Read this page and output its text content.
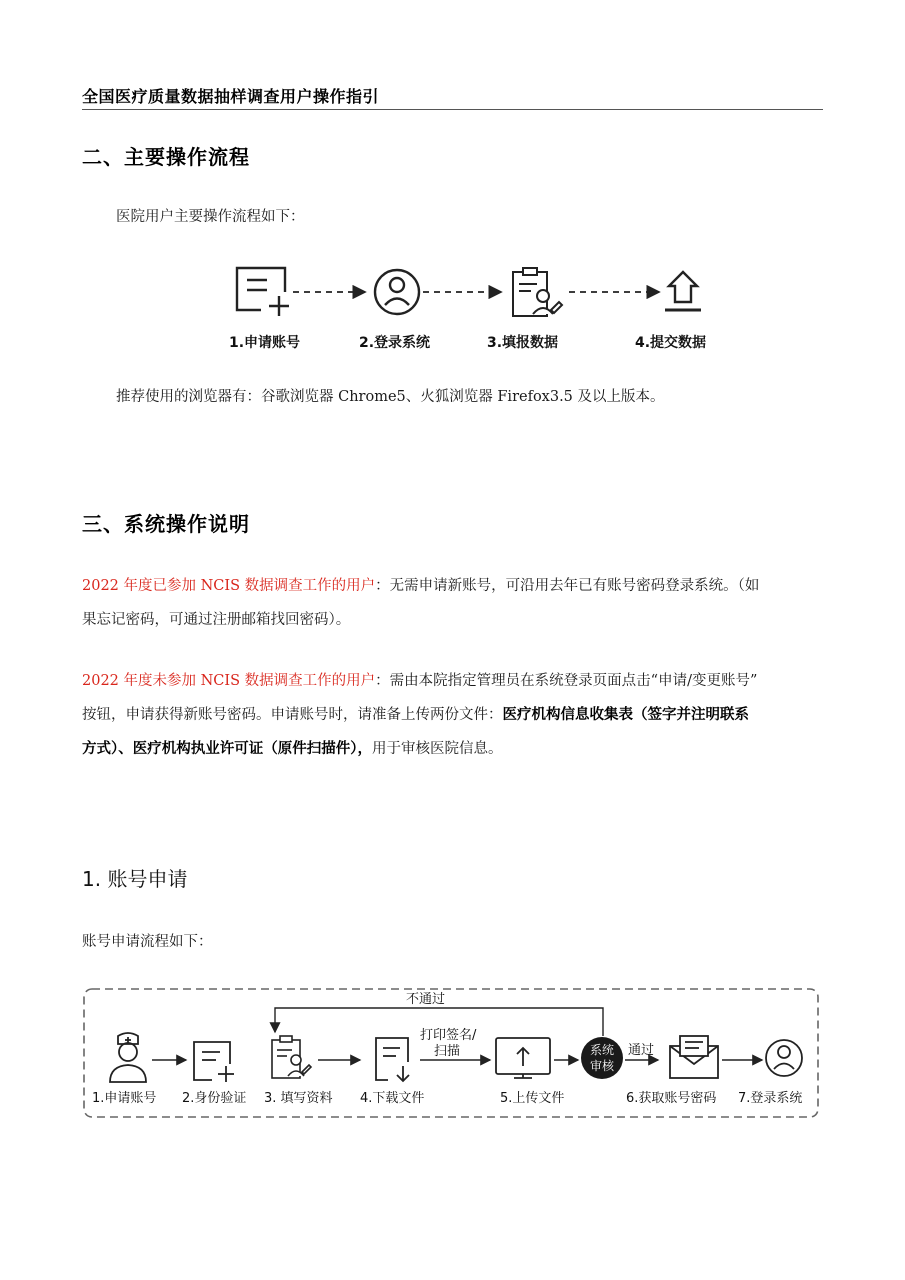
全国医疗质量数据抽样调查用户操作指引
二、主要操作流程
医院用户主要操作流程如下：
1.申请账号	2.登录系统	3.填报数据	4.提交数据
推荐使用的浏览器有：谷歌浏览器 Chrome5、火狐浏览器 Firefox3.5 及以上版本。
三、系统操作说明
2022 年度已参加 NCIS 数据调查工作的用户：无需申请新账号，可沿用去年已有账号密码登录系统。（如
果忘记密码，可通过注册邮箱找回密码）。
2022 年度未参加 NCIS 数据调查工作的用户：需由本院指定管理员在系统登录页面点击“申请/变更账号”
按钮，申请获得新账号密码。申请账号时，请准备上传两份文件：医疗机构信息收集表（签字并注明联系
方式）、医疗机构执业许可证（原件扫描件），用于审核医院信息。
1. 账号申请
账号申请流程如下：
不通过
打印签名/
扫描	系统
审核
通过
1.申请账号 2.身份验证 3. 填写资料 4.下载文件	5.上传文件	6.获取账号密码 7.登录系统
